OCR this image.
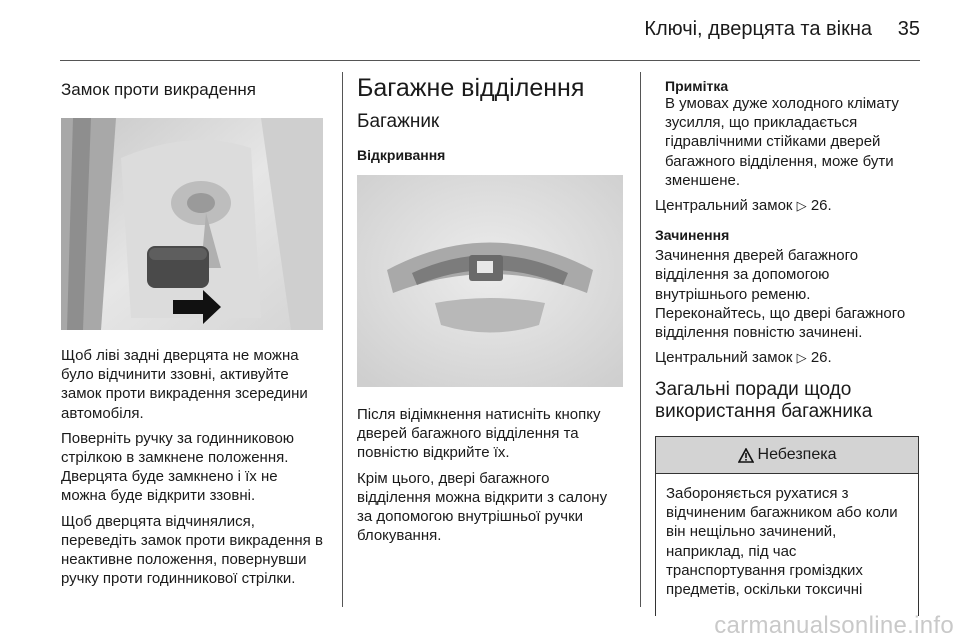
Ключі, дверцята та вікна 35
Замок проти викрадення

Щоб ліві задні дверцята не можна було відчинити ззовні, активуйте замок проти викрадення зсередини автомобіля.

Поверніть ручку за годинниковою стрілкою в замкнене положення. Дверцята буде замкнено і їх не можна буде відкрити ззовні.

Щоб дверцята відчинялися, переведіть замок проти викрадення в неактивне положення, повернувши ручку проти годинникової стрілки.

Багажне відділення
Багажник
Відкривання

Після відімкнення натисніть кнопку дверей багажного відділення та повністю відкрийте їх.

Крім цього, двері багажного відділення можна відкрити з салону за допомогою внутрішньої ручки блокування.

Примітка

В умовах дуже холодного клімату зусилля, що прикладається гідравлічними стійками дверей багажного відділення, може бути зменшене.

Центральний замок ▷ 26.

Зачинення

Зачинення дверей багажного відділення за допомогою внутрішнього ременю. Переконайтесь, що двері багажного відділення повністю зачинені.

Центральний замок ▷ 26.

Загальні поради щодо використання багажника
Небезпека

Забороняється рухатися з відчиненим багажником або коли він нещільно зачинений, наприклад, під час транспортування громіздких предметів, оскільки токсичні

carmanualsonline.info
